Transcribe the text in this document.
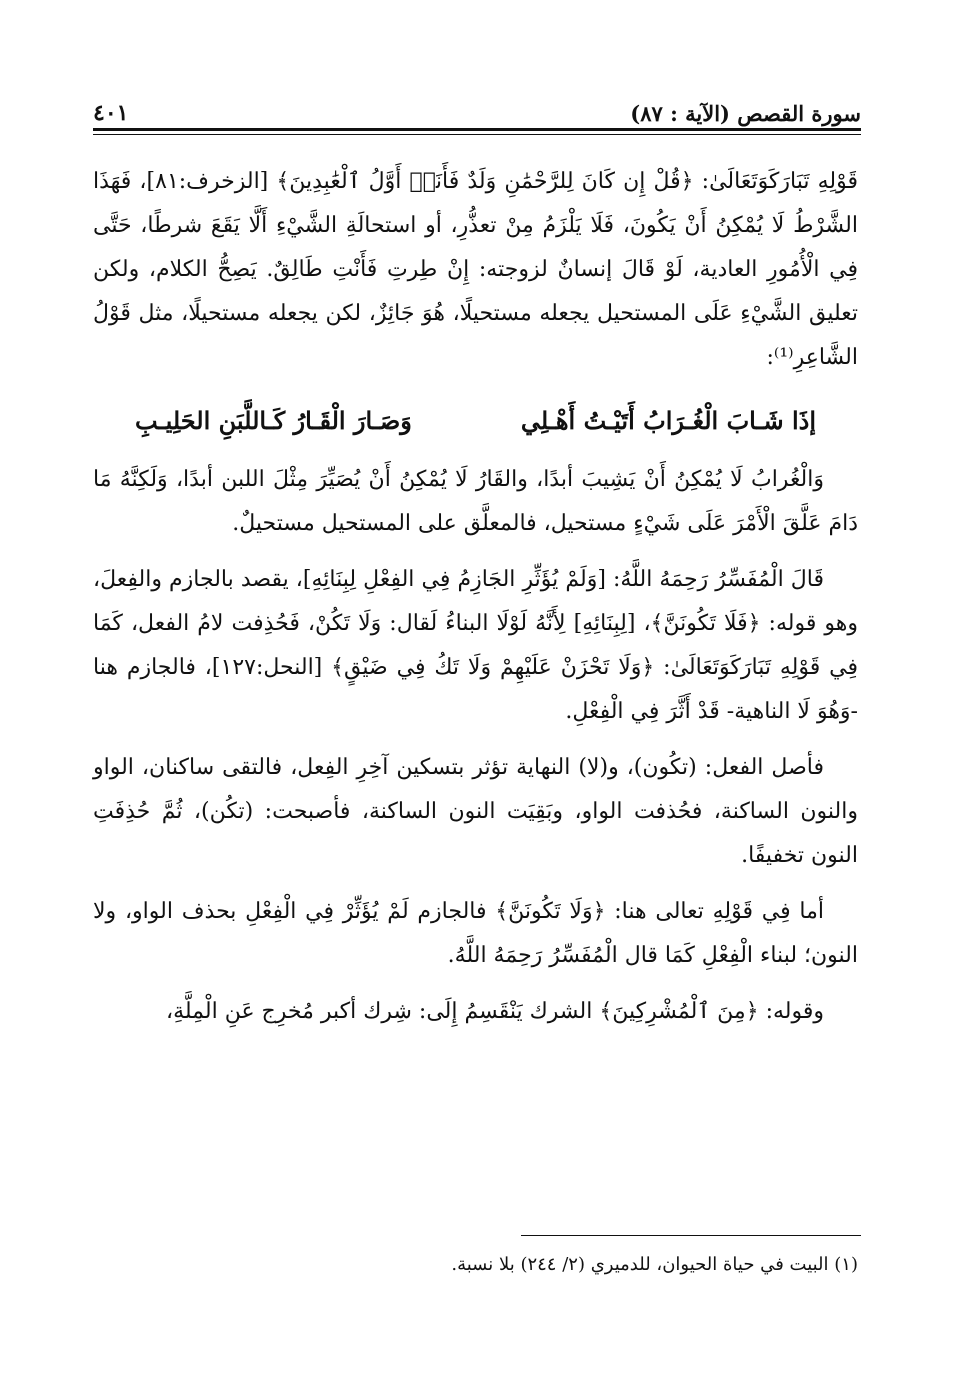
سورة القصص (الآية : ٨٧)
٤٠١

قَوْلِهِ تَبَارَكَوَتَعَالَىٰ: ﴿قُلْ إِن كَانَ لِلرَّحْمَٰنِ وَلَدٌ فَأَنَا۠ أَوَّلُ ٱلْعَٰبِدِينَ﴾ [الزخرف:٨١]، فَهَذَا الشَّرْطُ لَا يُمْكِنُ أَنْ يَكُونَ، فَلَا يَلْزَمُ مِنْ تعذُّرِ، أو استحالَةِ الشَّيْءِ أَلَّا يَقَعَ شرطًا، حَتَّى فِي الْأُمُورِ العادية، لَوْ قَالَ إنسانٌ لزوجته: إِنْ طِرتِ فَأَنْتِ طَالِقٌ. يَصِحُّ الكلام، ولكن تعليق الشَّيْءِ عَلَى المستحيل يجعله مستحيلًا، هُوَ جَائِزٌ، لكن يجعله مستحيلًا، مثل قَوْلُ الشَّاعِرِ⁽¹⁾:

إذَا شَـابَ الْغُـرَابُ أَتَيْـتُ أَهْـلِي
وَصَـارَ الْقَـارُ كَـاللَّبَنِ الحَلِيـبِ

وَالْغُرابُ لَا يُمْكِنُ أَنْ يَشِيبَ أبدًا، والقَارُ لَا يُمْكِنُ أَنْ يُصَيِّرَ مِثْلَ اللبن أبدًا، وَلَكِنَّهُ مَا دَامَ عَلَّقَ الْأَمْرَ عَلَى شَيْءٍ مستحيل، فالمعلَّق على المستحيل مستحيلٌ.

قَالَ الْمُفَسِّرُ رَحِمَهُ اللَّهُ: [وَلَمْ يُؤَثِّرِ الجَازِمُ فِي الفِعْلِ لِبِنَائِهِ]، يقصد بالجازم والفِعلَ، وهو قوله: ﴿فَلَا تَكُونَنَّ﴾، [لِبِنَائِهِ] لِأَنَّهُ لَوْلَا البناءُ لَقال: وَلَا تَكُنْ، فَحُذِفت لامُ الفعل، كَمَا فِي قَوْلِهِ تَبَارَكَوَتَعَالَىٰ: ﴿وَلَا تَحْزَنْ عَلَيْهِمْ وَلَا تَكُ فِي ضَيْقٍ﴾ [النحل:١٢٧]، فالجازم هنا -وَهُوَ لَا الناهية- قَدْ أَثَّرَ فِي الْفِعْلِ.

فأصل الفعل: (تكُون)، و(لا) النهاية تؤثر بتسكين آخِرِ الفِعل، فالتقى ساكنان، الواو والنون الساكنة، فحُذفت الواو، وبَقِيَت النون الساكنة، فأصبحت: (تكُن)، ثُمَّ حُذِفَتِ النون تخفيفًا.

أما فِي قَوْلِهِ تعالى هنا: ﴿وَلَا تَكُونَنَّ﴾ فالجازم لَمْ يُؤَثِّرْ فِي الْفِعْلِ بحذف الواو، ولا النون؛ لبناء الْفِعْلِ كَمَا قال الْمُفَسِّرُ رَحِمَهُ اللَّهُ.

وقوله: ﴿مِنَ ٱلْمُشْرِكِينَ﴾ الشرك يَنْقَسِمُ إِلَى: شِرك أكبر مُخرِج عَنِ الْمِلَّةِ،

(١) البيت في حياة الحيوان، للدميري (٢/ ٢٤٤) بلا نسبة.
